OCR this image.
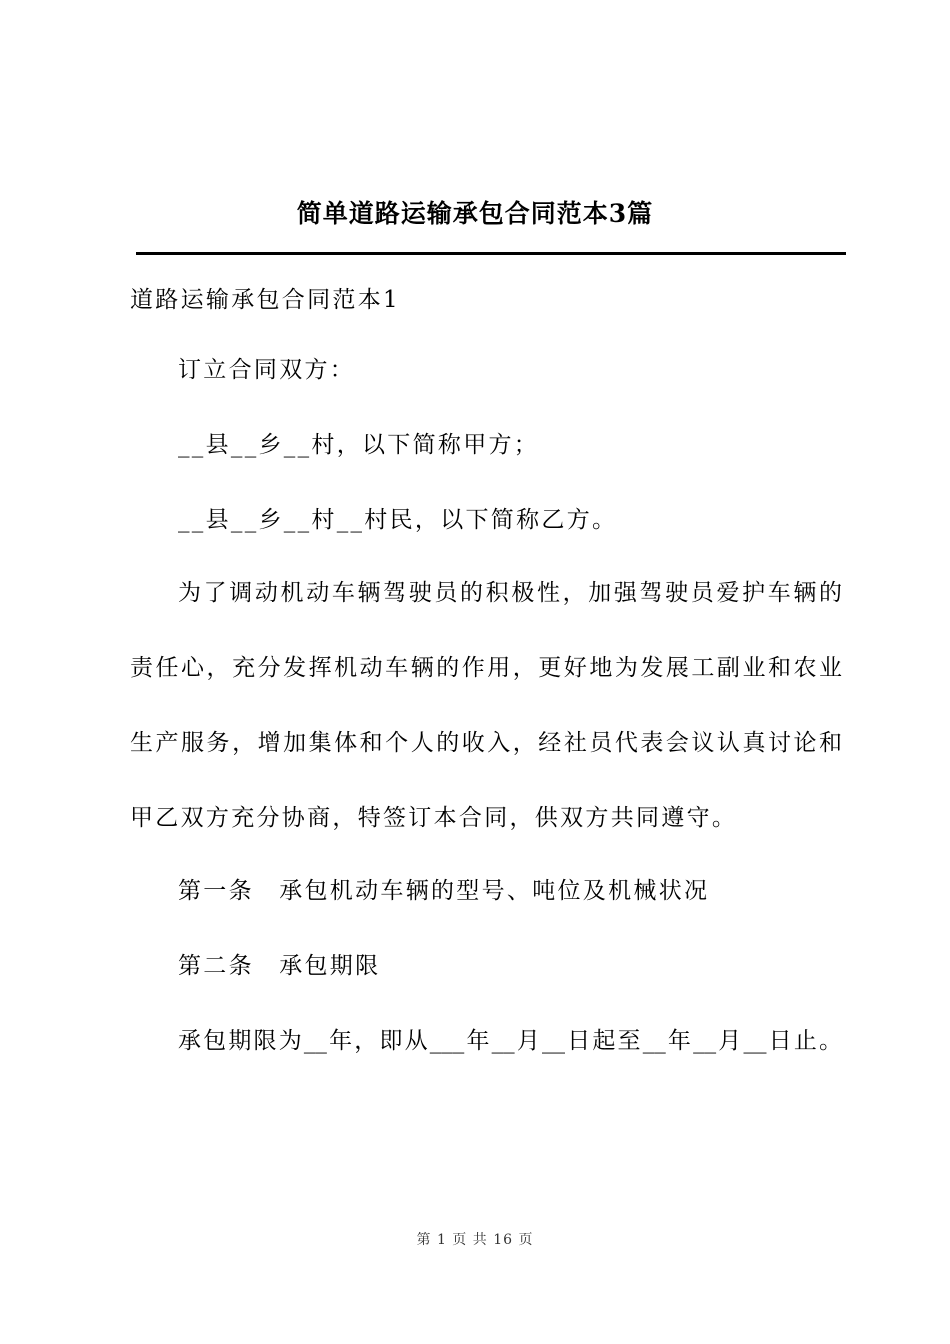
简单道路运输承包合同范本3篇
道路运输承包合同范本1
订立合同双方：
__县__乡__村，以下简称甲方；
__县__乡__村__村民，以下简称乙方。
为了调动机动车辆驾驶员的积极性，加强驾驶员爱护车辆的
责任心，充分发挥机动车辆的作用，更好地为发展工副业和农业
生产服务，增加集体和个人的收入，经社员代表会议认真讨论和
甲乙双方充分协商，特签订本合同，供双方共同遵守。
第一条　承包机动车辆的型号、吨位及机械状况
第二条　承包期限
承包期限为__年，即从___年__月__日起至__年__月__日止。
第 1 页 共 16 页
